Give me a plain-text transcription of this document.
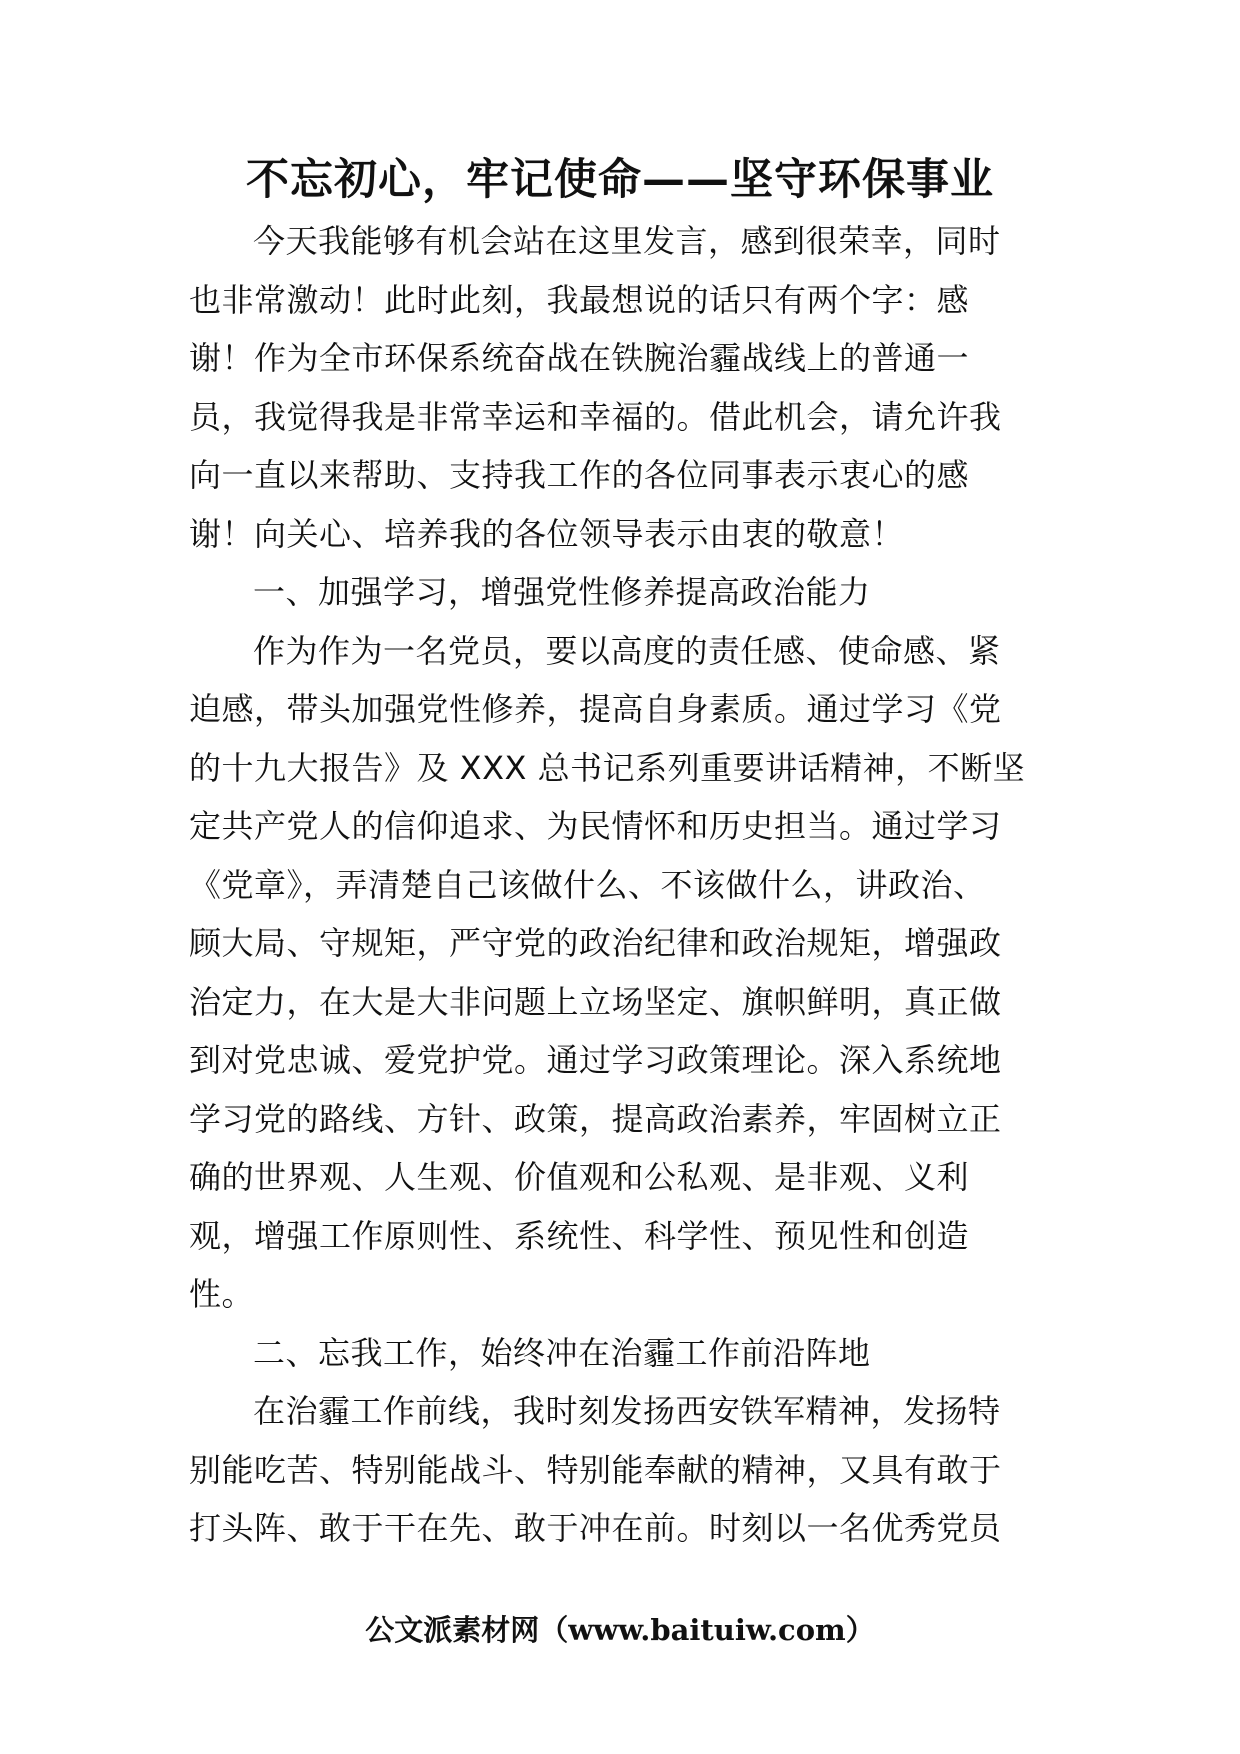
不忘初心，牢记使命——坚守环保事业
今天我能够有机会站在这里发言，感到很荣幸，同时
也非常激动！此时此刻，我最想说的话只有两个字：感
谢！作为全市环保系统奋战在铁腕治霾战线上的普通一
员，我觉得我是非常幸运和幸福的。借此机会，请允许我
向一直以来帮助、支持我工作的各位同事表示衷心的感
谢！向关心、培养我的各位领导表示由衷的敬意！
一、加强学习，增强党性修养提高政治能力
作为作为一名党员，要以高度的责任感、使命感、紧
迫感，带头加强党性修养，提高自身素质。通过学习《党
的十九大报告》及 XXX 总书记系列重要讲话精神，不断坚
定共产党人的信仰追求、为民情怀和历史担当。通过学习
《党章》，弄清楚自己该做什么、不该做什么，讲政治、
顾大局、守规矩，严守党的政治纪律和政治规矩，增强政
治定力，在大是大非问题上立场坚定、旗帜鲜明，真正做
到对党忠诚、爱党护党。通过学习政策理论。深入系统地
学习党的路线、方针、政策，提高政治素养，牢固树立正
确的世界观、人生观、价值观和公私观、是非观、义利
观，增强工作原则性、系统性、科学性、预见性和创造
性。
二、忘我工作，始终冲在治霾工作前沿阵地
在治霾工作前线，我时刻发扬西安铁军精神，发扬特
别能吃苦、特别能战斗、特别能奉献的精神，又具有敢于
打头阵、敢于干在先、敢于冲在前。时刻以一名优秀党员
公文派素材网（www.baituiw.com）
